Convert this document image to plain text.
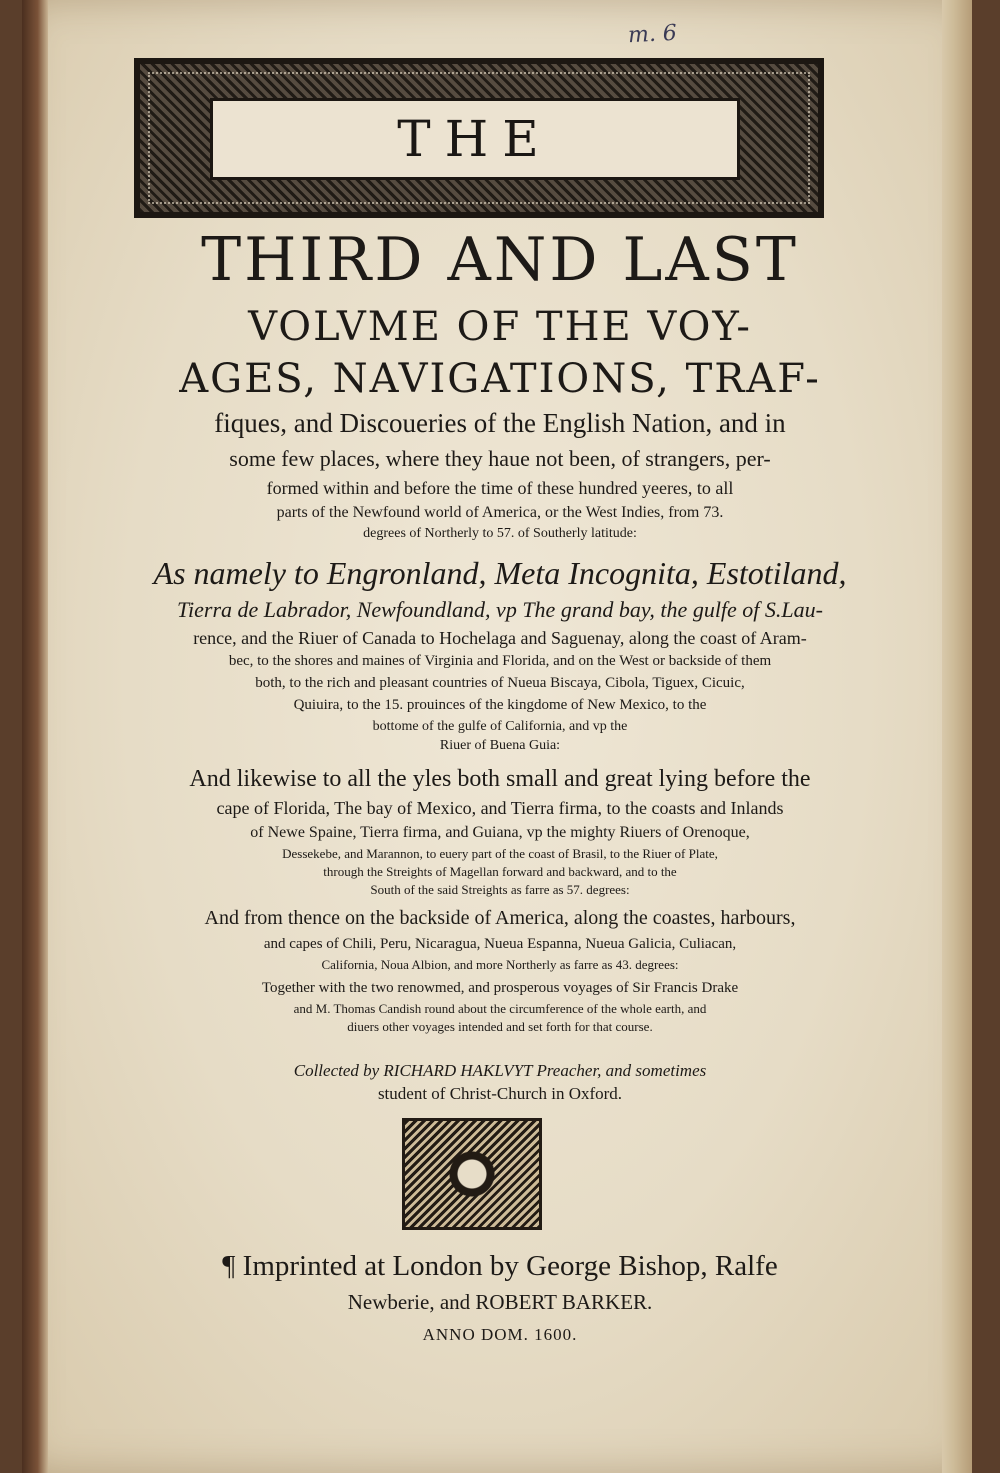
m. 6
THE
THIRD AND LAST
VOLVME OF THE VOY-
AGES, NAVIGATIONS, TRAF-
fiques, and Discoueries of the English Nation, and in
some few places, where they haue not been, of strangers, per-
formed within and before the time of these hundred yeeres, to all
parts of the Newfound world of America, or the West Indies, from 73.
degrees of Northerly to 57. of Southerly latitude:
As namely to Engronland, Meta Incognita, Estotiland,
Tierra de Labrador, Newfoundland, vp The grand bay, the gulfe of S.Lau-
rence, and the Riuer of Canada to Hochelaga and Saguenay, along the coast of Aram-
bec, to the shores and maines of Virginia and Florida, and on the West or backside of them
both, to the rich and pleasant countries of Nueua Biscaya, Cibola, Tiguex, Cicuic,
Quiuira, to the 15. prouinces of the kingdome of New Mexico, to the
bottome of the gulfe of California, and vp the
Riuer of Buena Guia:
And likewise to all the yles both small and great lying before the
cape of Florida, The bay of Mexico, and Tierra firma, to the coasts and Inlands
of Newe Spaine, Tierra firma, and Guiana, vp the mighty Riuers of Orenoque,
Dessekebe, and Marannon, to euery part of the coast of Brasil, to the Riuer of Plate,
through the Streights of Magellan forward and backward, and to the
South of the said Streights as farre as 57. degrees:
And from thence on the backside of America, along the coastes, harbours,
and capes of Chili, Peru, Nicaragua, Nueua Espanna, Nueua Galicia, Culiacan,
California, Noua Albion, and more Northerly as farre as 43. degrees:
Together with the two renowmed, and prosperous voyages of Sir Francis Drake
and M. Thomas Candish round about the circumference of the whole earth, and
diuers other voyages intended and set forth for that course.
Collected by RICHARD HAKLVYT Preacher, and sometimes
student of Christ-Church in Oxford.
¶ Imprinted at London by George Bishop, Ralfe
Newberie, and ROBERT BARKER.
ANNO DOM. 1600.
